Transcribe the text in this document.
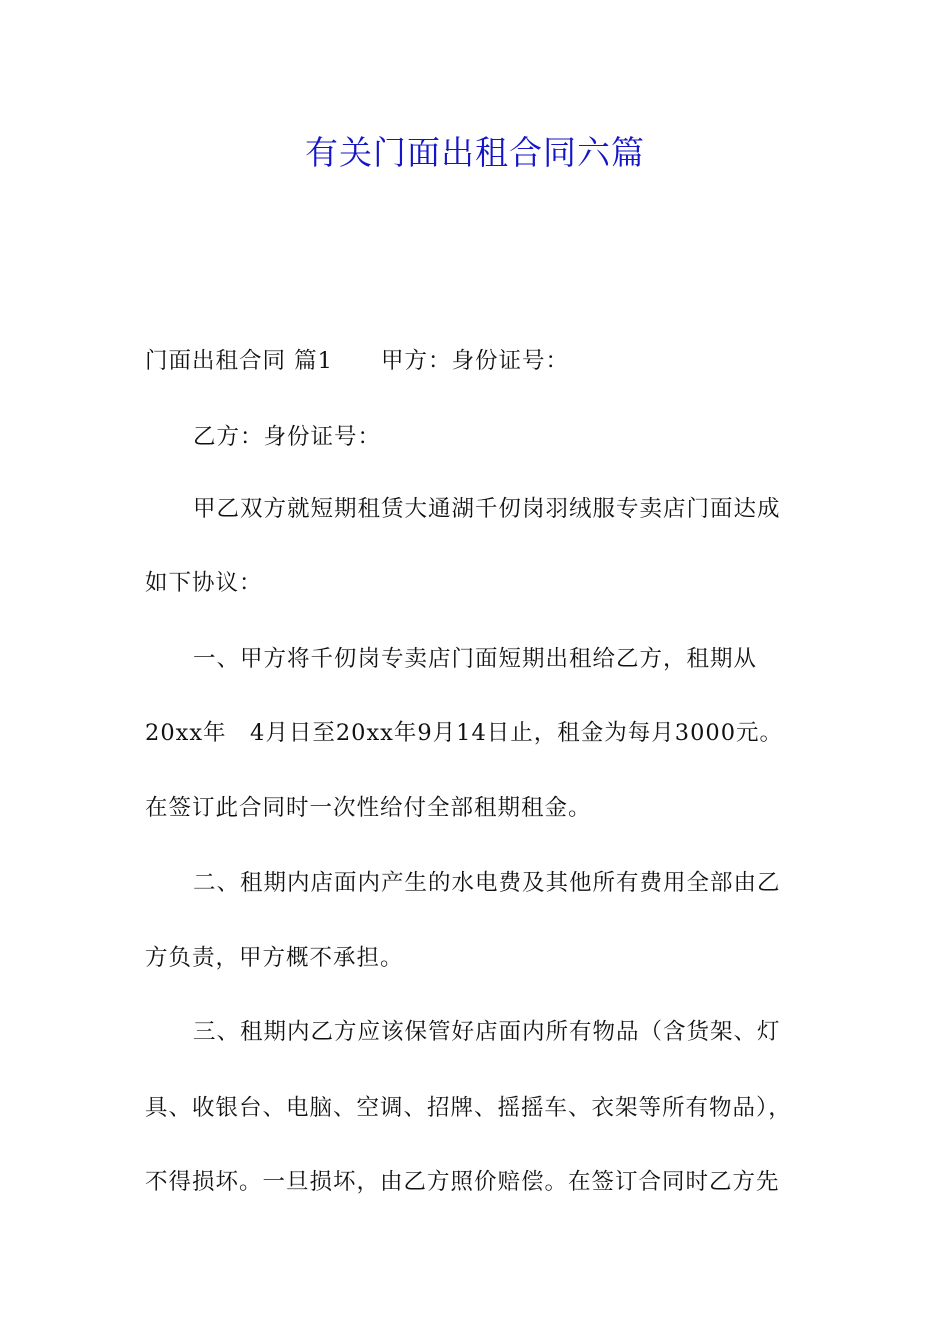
有关门面出租合同六篇
门面出租合同 篇1 甲方：身份证号：
乙方：身份证号：
甲乙双方就短期租赁大通湖千仞岗羽绒服专卖店门面达成
如下协议：
一、甲方将千仞岗专卖店门面短期出租给乙方，租期从
20xx年　4月日至20xx年9月14日止，租金为每月3000元。
在签订此合同时一次性给付全部租期租金。
二、租期内店面内产生的水电费及其他所有费用全部由乙
方负责，甲方概不承担。
三、租期内乙方应该保管好店面内所有物品（含货架、灯
具、收银台、电脑、空调、招牌、摇摇车、衣架等所有物品），
不得损坏。一旦损坏，由乙方照价赔偿。在签订合同时乙方先
